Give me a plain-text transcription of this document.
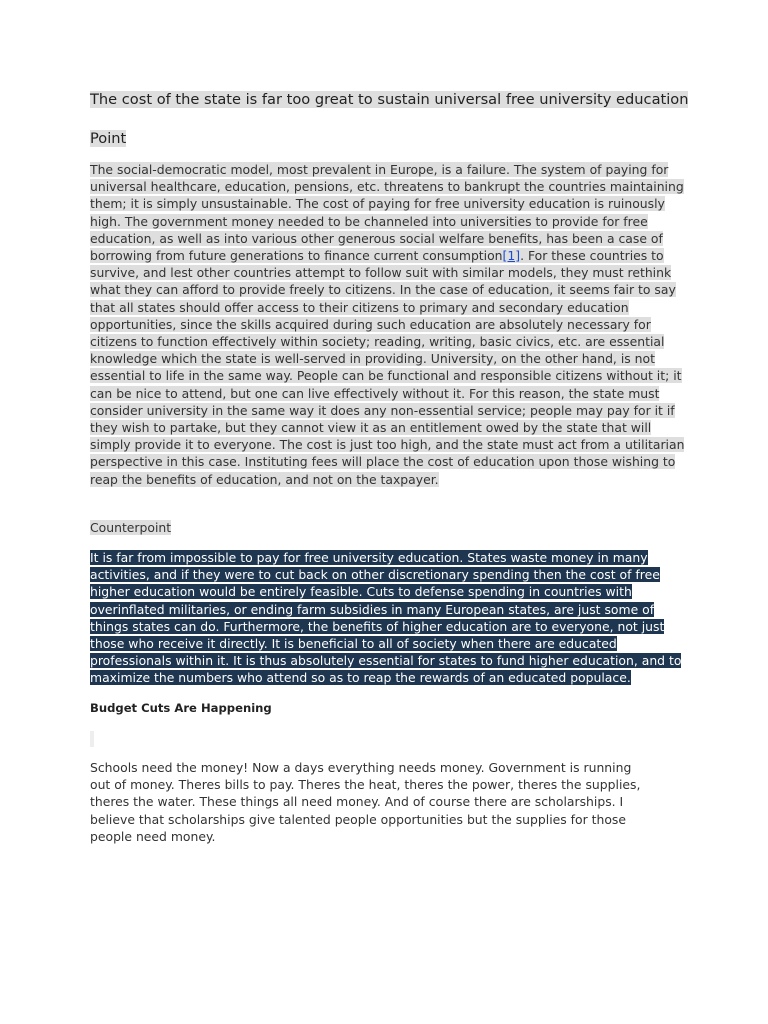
The cost of the state is far too great to sustain universal free university education
Point
The social-democratic model, most prevalent in Europe, is a failure. The system of paying for universal healthcare, education, pensions, etc. threatens to bankrupt the countries maintaining them; it is simply unsustainable. The cost of paying for free university education is ruinously high. The government money needed to be channeled into universities to provide for free education, as well as into various other generous social welfare benefits, has been a case of borrowing from future generations to finance current consumption[1]. For these countries to survive, and lest other countries attempt to follow suit with similar models, they must rethink what they can afford to provide freely to citizens. In the case of education, it seems fair to say that all states should offer access to their citizens to primary and secondary education opportunities, since the skills acquired during such education are absolutely necessary for citizens to function effectively within society; reading, writing, basic civics, etc. are essential knowledge which the state is well-served in providing. University, on the other hand, is not essential to life in the same way. People can be functional and responsible citizens without it; it can be nice to attend, but one can live effectively without it. For this reason, the state must consider university in the same way it does any non-essential service; people may pay for it if they wish to partake, but they cannot view it as an entitlement owed by the state that will simply provide it to everyone. The cost is just too high, and the state must act from a utilitarian perspective in this case. Instituting fees will place the cost of education upon those wishing to reap the benefits of education, and not on the taxpayer.
Counterpoint
It is far from impossible to pay for free university education. States waste money in many activities, and if they were to cut back on other discretionary spending then the cost of free higher education would be entirely feasible. Cuts to defense spending in countries with overinflated militaries, or ending farm subsidies in many European states, are just some of things states can do. Furthermore, the benefits of higher education are to everyone, not just those who receive it directly. It is beneficial to all of society when there are educated professionals within it. It is thus absolutely essential for states to fund higher education, and to maximize the numbers who attend so as to reap the rewards of an educated populace.
Budget Cuts Are Happening
Schools need the money! Now a days everything needs money. Government is running out of money. Theres bills to pay. Theres the heat, theres the power, theres the supplies, theres the water. These things all need money. And of course there are scholarships. I believe that scholarships give talented people opportunities but the supplies for those people need money.
